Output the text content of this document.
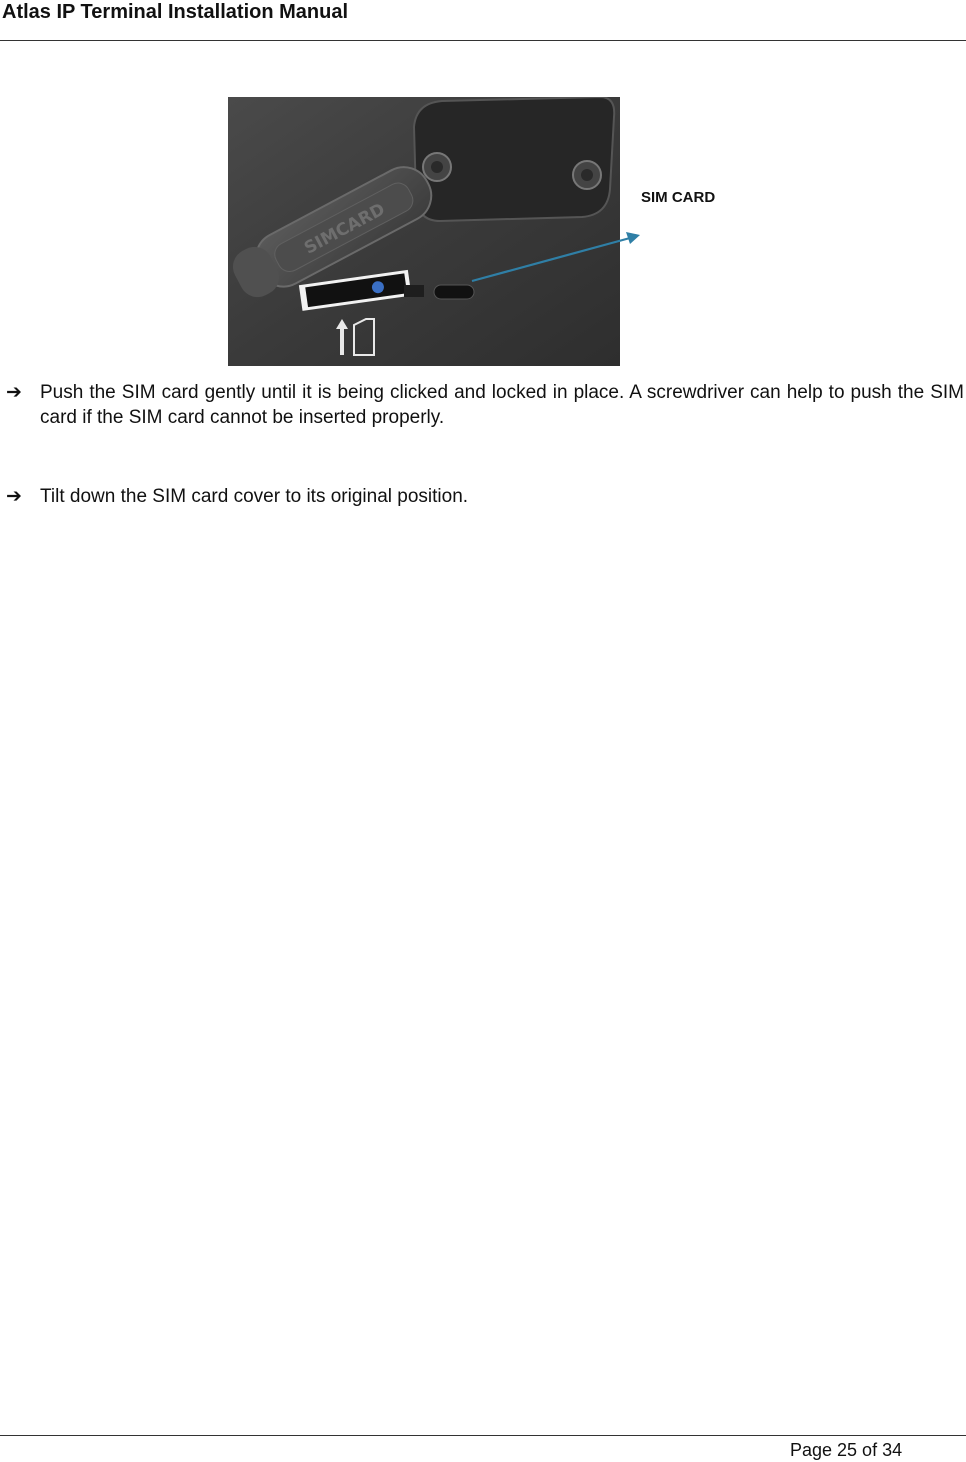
Atlas IP Terminal Installation Manual
SIMCARD
SIM CARD
➔ Push the SIM card gently until it is being clicked and locked in place. A screwdriver can help to push the SIM card if the SIM card cannot be inserted properly.
➔ Tilt down the SIM card cover to its original position.
Page 25 of 34
